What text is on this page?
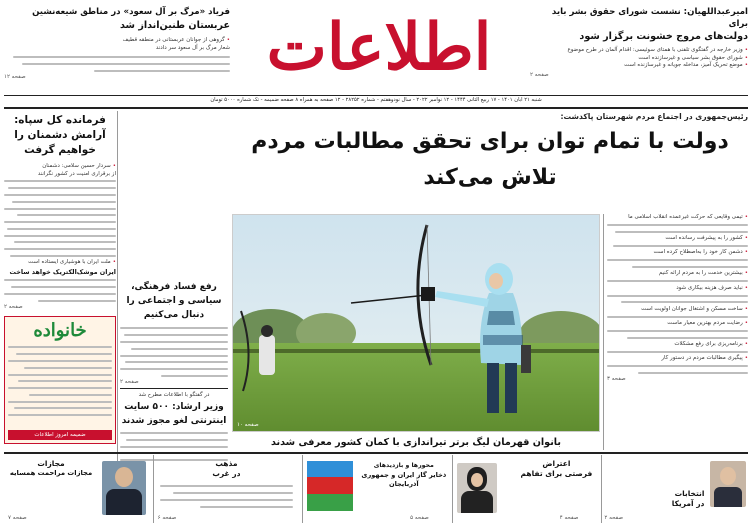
اطلاعات	امیرعبداللهیان: نشست شورای حقوق بشر باید برای
دولت‌های مروج خشونت برگزار شود
• وزیر خارجه در گفتگوی تلفنی با همتای سوئیسی: اقدام آلمان در طرح موضوع
• شورای حقوق بشر سیاسی و غیرسازنده است
• موضع تحریک آمیز، مداخله جویانه و غیرسازنده است
صفحه ۲
فریاد «مرگ بر آل سعود» در مناطق شیعه‌نشین
عربستان طنین‌انداز شد
• گروهی از جوانان عربستانی در منطقه قطیف
شعار مرگ بر آل سعود سر دادند
صفحه ۱۲
شنبه ۲۱ آبان ۱۴۰۱ - ۱۷ ربیع الثانی ۱۴۴۴ - ۱۲ نوامبر ۲۰۲۲ - سال نودوهفتم - شماره ۲۸۲۵۲ - ۱۲ صفحه به همراه ۸ صفحه ضمیمه - تک شماره ۵۰۰۰ تومان
رئیس‌جمهوری در اجتماع مردم شهرستان پاکدشت:
دولت با تمام توان برای تحقق مطالبات مردم
تلاش می‌کند
فرمانده کل سپاه: آرامش دشمنان را خواهیم گرفت
• سردار حسین سلامی: دشمنان
از برقراری امنیت در کشور نگرانند
• ملت ایران با هوشیاری ایستاده است
ایران موشک‌الکتریک خواهد ساخت
صفحه ۲
خانواده
ضمیمه امروز اطلاعات
رفع فساد فرهنگی، سیاسی و اجتماعی را دنبال می‌کنیم
صفحه ۲
در گفتگو با اطلاعات مطرح شد
وزیر ارشاد: ۵۰۰ سایت اینترنتی لغو مجوز شدند	صفحه ۱۰
بانوان قهرمان لیگ برتر تیراندازی با کمان کشور معرفی شدند
• تیمی وقایعی که حرکت غیرعمده انقلاب اسلامی ما
• کشور را به پیشرفت رسانده است
• دشمن کار خود را به‌اصطلاح کرده است
• بیشترین خدمت را به مردم ارائه کنیم
• نباید صرف هزینه بیکاری شود
• ساخت مسکن و اشتغال جوانان اولویت است
• رضایت مردم بهترین معیار ماست
• برنامه‌ریزی برای رفع مشکلات
• پیگیری مطالبات مردم در دستور کار
صفحه ۳
انتخابات
در آمریکا
صفحه ۲
اعتراض
فرصتی برای تفاهم
صفحه ۴
محورها و بازدیدهای
ذخایر گاز ایران و جمهوری آذربایجان
صفحه ۵
مذهب
در غرب
صفحه ۶
مجازات
مجازات مراحمت همسایه
صفحه ۷
